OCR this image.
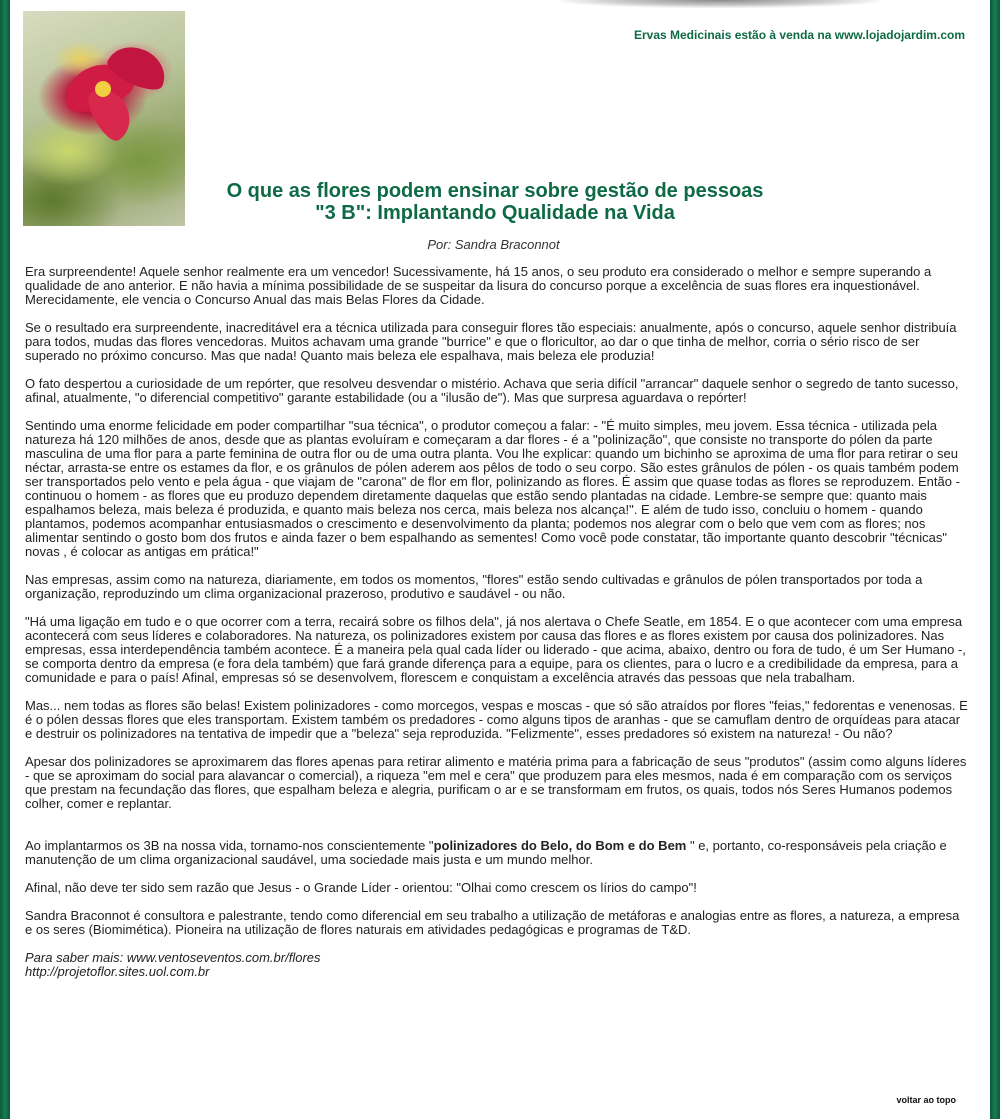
Ervas Medicinais estão à venda na www.lojadojardim.com
O que as flores podem ensinar sobre gestão de pessoas
"3 B": Implantando Qualidade na Vida
Por: Sandra Braconnot

Era surpreendente! Aquele senhor realmente era um vencedor! Sucessivamente, há 15 anos, o seu produto era considerado o melhor e sempre superando a qualidade de ano anterior. E não havia a mínima possibilidade de se suspeitar da lisura do concurso porque a excelência de suas flores era inquestionável. Merecidamente, ele vencia o Concurso Anual das mais Belas Flores da Cidade.

Se o resultado era surpreendente, inacreditável era a técnica utilizada para conseguir flores tão especiais: anualmente, após o concurso, aquele senhor distribuía para todos, mudas das flores vencedoras. Muitos achavam uma grande "burrice" e que o floricultor, ao dar o que tinha de melhor, corria o sério risco de ser superado no próximo concurso. Mas que nada! Quanto mais beleza ele espalhava, mais beleza ele produzia!

O fato despertou a curiosidade de um repórter, que resolveu desvendar o mistério. Achava que seria difícil "arrancar" daquele senhor o segredo de tanto sucesso, afinal, atualmente, "o diferencial competitivo" garante estabilidade (ou a "ilusão de"). Mas que surpresa aguardava o repórter!

Sentindo uma enorme felicidade em poder compartilhar "sua técnica", o produtor começou a falar: - "É muito simples, meu jovem. Essa técnica - utilizada pela natureza há 120 milhões de anos, desde que as plantas evoluíram e começaram a dar flores - é a "polinização", que consiste no transporte do pólen da parte masculina de uma flor para a parte feminina de outra flor ou de uma outra planta. Vou lhe explicar: quando um bichinho se aproxima de uma flor para retirar o seu néctar, arrasta-se entre os estames da flor, e os grânulos de pólen aderem aos pêlos de todo o seu corpo. São estes grânulos de pólen - os quais também podem ser transportados pelo vento e pela água - que viajam de "carona" de flor em flor, polinizando as flores. É assim que quase todas as flores se reproduzem. Então - continuou o homem - as flores que eu produzo dependem diretamente daquelas que estão sendo plantadas na cidade. Lembre-se sempre que: quanto mais espalhamos beleza, mais beleza é produzida, e quanto mais beleza nos cerca, mais beleza nos alcança!". E além de tudo isso, concluiu o homem - quando plantamos, podemos acompanhar entusiasmados o crescimento e desenvolvimento da planta; podemos nos alegrar com o belo que vem com as flores; nos alimentar sentindo o gosto bom dos frutos e ainda fazer o bem espalhando as sementes! Como você pode constatar, tão importante quanto descobrir "técnicas" novas , é colocar as antigas em prática!"

Nas empresas, assim como na natureza, diariamente, em todos os momentos, "flores" estão sendo cultivadas e grânulos de pólen transportados por toda a organização, reproduzindo um clima organizacional prazeroso, produtivo e saudável - ou não.

"Há uma ligação em tudo e o que ocorrer com a terra, recairá sobre os filhos dela", já nos alertava o Chefe Seatle, em 1854. E o que acontecer com uma empresa acontecerá com seus líderes e colaboradores. Na natureza, os polinizadores existem por causa das flores e as flores existem por causa dos polinizadores. Nas empresas, essa interdependência também acontece. É a maneira pela qual cada líder ou liderado - que acima, abaixo, dentro ou fora de tudo, é um Ser Humano -, se comporta dentro da empresa (e fora dela também) que fará grande diferença para a equipe, para os clientes, para o lucro e a credibilidade da empresa, para a comunidade e para o país! Afinal, empresas só se desenvolvem, florescem e conquistam a excelência através das pessoas que nela trabalham.

Mas... nem todas as flores são belas! Existem polinizadores - como morcegos, vespas e moscas - que só são atraídos por flores "feias," fedorentas e venenosas. E é o pólen dessas flores que eles transportam. Existem também os predadores - como alguns tipos de aranhas - que se camuflam dentro de orquídeas para atacar e destruir os polinizadores na tentativa de impedir que a "beleza" seja reproduzida. "Felizmente", esses predadores só existem na natureza! - Ou não?

Apesar dos polinizadores se aproximarem das flores apenas para retirar alimento e matéria prima para a fabricação de seus "produtos" (assim como alguns líderes - que se aproximam do social para alavancar o comercial), a riqueza "em mel e cera" que produzem para eles mesmos, nada é em comparação com os serviços que prestam na fecundação das flores, que espalham beleza e alegria, purificam o ar e se transformam em frutos, os quais, todos nós Seres Humanos podemos colher, comer e replantar.

Ao implantarmos os 3B na nossa vida, tornamo-nos conscientemente "polinizadores do Belo, do Bom e do Bem " e, portanto, co-responsáveis pela criação e manutenção de um clima organizacional saudável, uma sociedade mais justa e um mundo melhor.

Afinal, não deve ter sido sem razão que Jesus - o Grande Líder - orientou: "Olhai como crescem os lírios do campo"!

Sandra Braconnot é consultora e palestrante, tendo como diferencial em seu trabalho a utilização de metáforas e analogias entre as flores, a natureza, a empresa e os seres (Biomimética). Pioneira na utilização de flores naturais em atividades pedagógicas e programas de T&D.

Para saber mais: www.ventoseventos.com.br/flores
http://projetoflor.sites.uol.com.br

voltar ao topo
